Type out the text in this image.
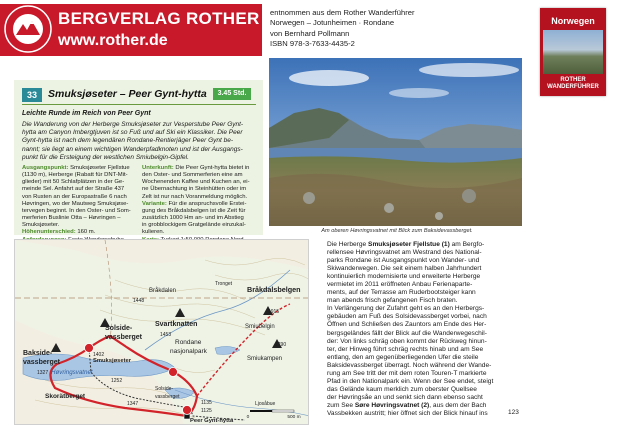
BERGVERLAG ROTHER
www.rother.de
entnommen aus dem Rother Wanderführer
Norwegen – Jotunheimen · Rondane
von Bernhard Pollmann
ISBN 978-3-7633-4435-2
Norwegen
ROTHER WANDERFÜHRER
33	Smuksjøseter – Peer Gynt-hytta	3.45 Std.
Leichte Runde im Reich von Peer Gynt
Die Wanderung von der Herberge Smuksjøseter zur Vesperstube Peer Gynt-
hytta am Canyon Imbergtjuven ist so Fuß und auf Ski ein Klassiker. Die Peer
Gynt-hytta ist nach dem legendären Rondane-Rentierjäger Peer Gynt be-
nannt; sie liegt an einem wichtigen Wanderpfadknoten und ist der Ausgangs-
punkt für die Ersteigung der westlichen Smiubelgin-Gipfel.
Ausgangspunkt: Smuksjøseter Fjellstue
(1130 m), Herberge (Rabatt für DNT-Mit-
glieder) mit 50 Schlafplätzen in der Ge-
meinde Sel. Anfahrt auf der Straße 437
von Rusten an der Europastraße 6 nach
Høvringen, wo der Mautweg Smuksjøse-
tervegen beginnt. In den Oster- und Som-
merferien Buslinie Otta – Høvringen –
Smuksjøseter.
Höhenunterschied: 160 m.
Unterkunft: Die Peer Gynt-hytta bietet in
den Oster- und Sommerferien eine am
Wochenenden Kaffee und Kuchen an, ei-
ne Übernachtung in Steinhütten oder im
Zelt ist nur nach Voranmeldung möglich.
Variante: Für die anspruchsvolle Erstei-
gung des Bråkdalsbelgen ist die Zeit für
zusätzlich 1000 Hm an- und im Abstieg
in grobblockigem Gratgelände einzukal-
kulieren.	Am oberen Høvringsvatnet mit Blick zum Baksidevassberget.
Bråkdalsbelgen
Solside-
vassberget
Svartknatten
Bakside-
vassberget
Skorätberget
Smiubelgin
Smiukampen
Rondane
nasjonalpark
Høvringsvatnet
Bråkdalen
Peer Gynt-hytta
Smuksjøseter
Ljosåbue
Tronget
Solside-
vassberget
1448
1453
1402
1327
1252
1347
1915
1790
1135
1125
0	500 m
Die Herberge Smuksjøseter Fjellstue (1) am Bergfo-
rellensee Høvringsvatnet am Westrand des National-
parks Rondane ist Ausgangspunkt von Wander- und
Skiwanderwegen. Die seit einem halben Jahrhundert
kontinuierlich modernisierte und erweiterte Herberge
vermietet im 2011 eröffneten Anbau Ferienaparte-
ments, auf der Terrasse am Ruderbootsteiger kann
man abends frisch gefangenen Fisch braten.
In Verlängerung der Zufahrt geht es an den Herbergs-
gebäuden am Fuß des Solsidevassberget vorbei, nach
Öffnen und Schließen des Zauntors am Ende des Her-
bergsgeländes fällt der Blick auf die Wanderwegeschil-
der: Von links schräg oben kommt der Rückweg hinun-
ter, der Hinweg führt schräg rechts hinab und am See
entlang, den am gegenüberliegenden Ufer die steile
Baksidevassberget überragt. Noch während der Wande-
rung am See tritt der mit dem roten Touren-T markierte
Pfad in den Nationalpark ein. Wenn der See endet, steigt
das Gelände kaum merklich zum oberster Quellsee
der Høvringsåe an und senkt sich dann ebenso sacht
zum See Søre Høvringsvatnet (2), aus dem der Bach
Vassbekken austritt; hier öffnet sich der Blick hinauf ins	123
